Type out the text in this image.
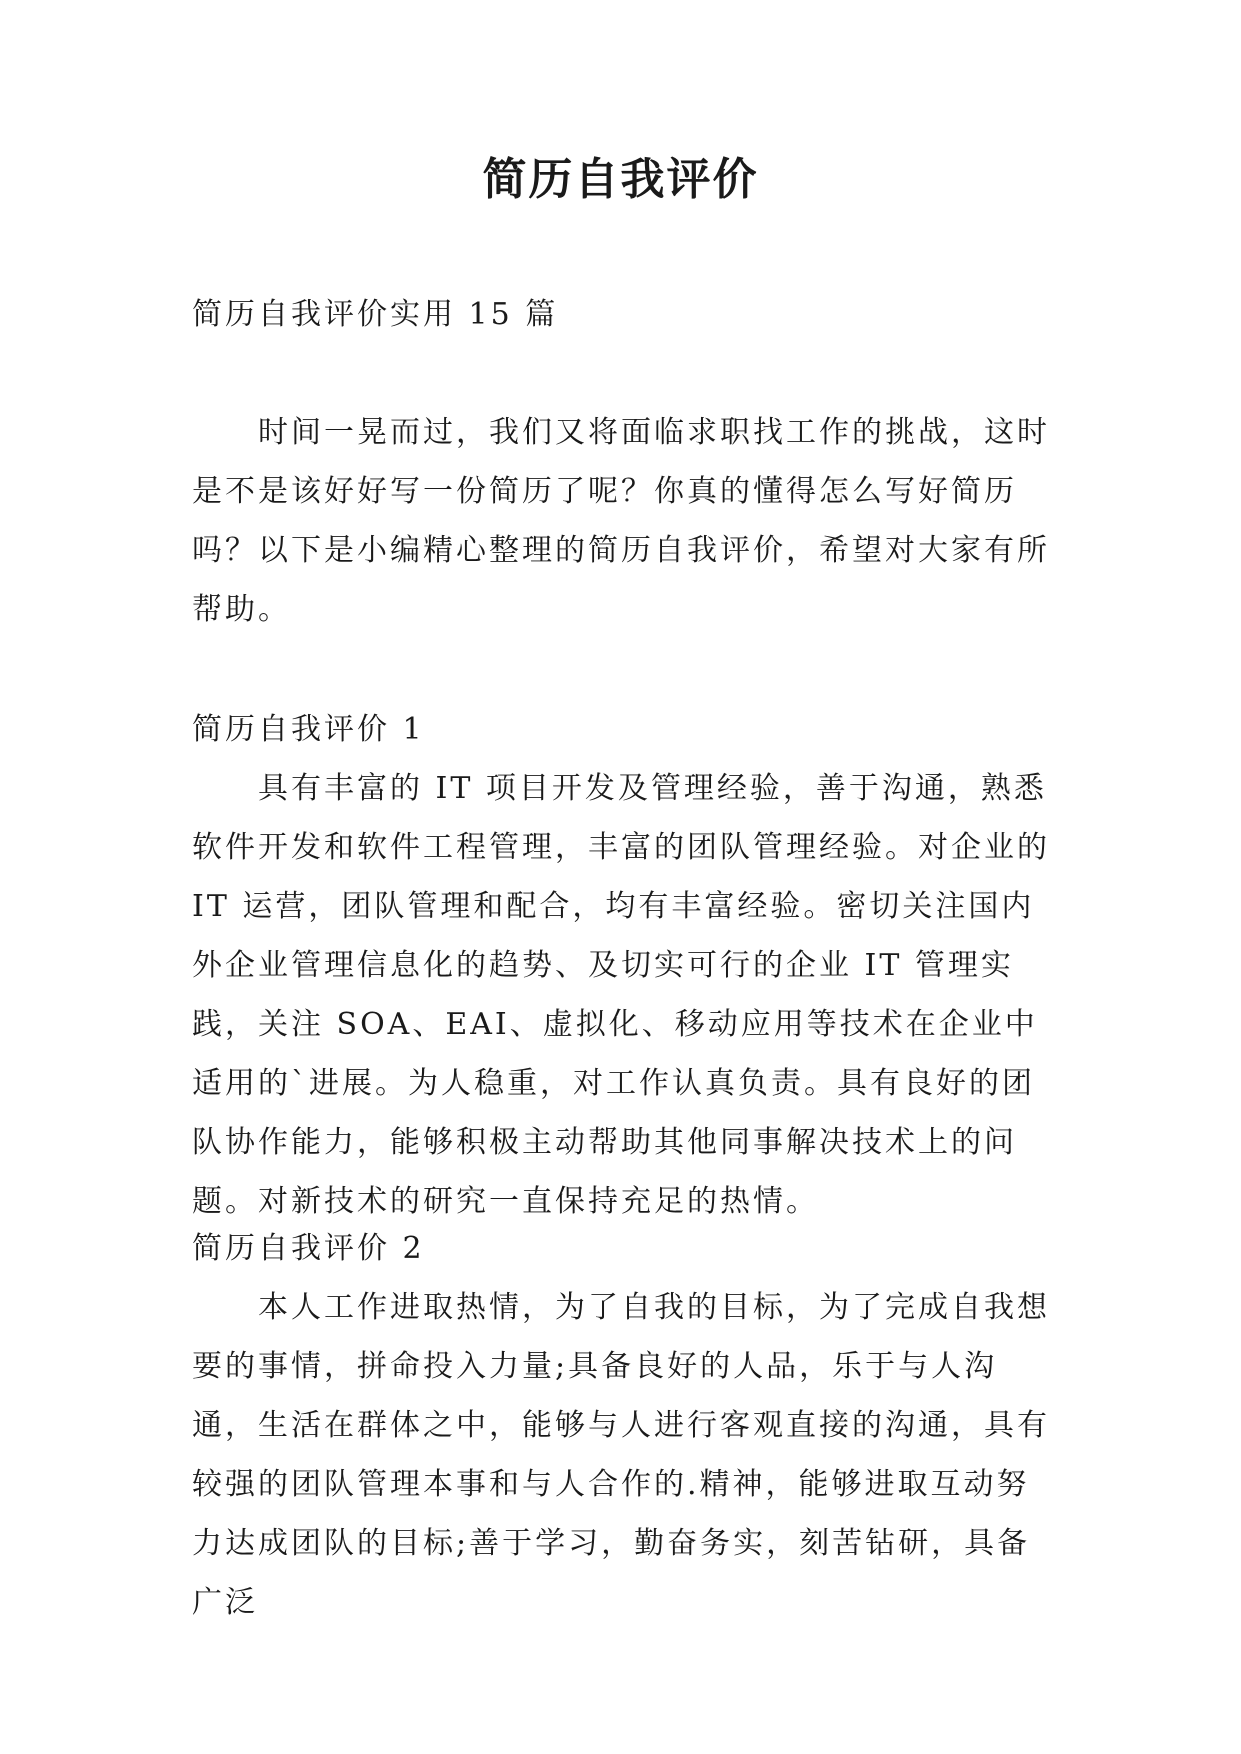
简历自我评价

简历自我评价实用 15 篇

时间一晃而过，我们又将面临求职找工作的挑战，这时是不是该好好写一份简历了呢？你真的懂得怎么写好简历吗？以下是小编精心整理的简历自我评价，希望对大家有所帮助。

简历自我评价 1

具有丰富的 IT 项目开发及管理经验，善于沟通，熟悉软件开发和软件工程管理，丰富的团队管理经验。对企业的 IT 运营，团队管理和配合，均有丰富经验。密切关注国内外企业管理信息化的趋势、及切实可行的企业 IT 管理实践，关注 SOA、EAI、虚拟化、移动应用等技术在企业中适用的`进展。为人稳重，对工作认真负责。具有良好的团队协作能力，能够积极主动帮助其他同事解决技术上的问题。对新技术的研究一直保持充足的热情。

简历自我评价 2

本人工作进取热情，为了自我的目标，为了完成自我想要的事情，拼命投入力量;具备良好的人品，乐于与人沟通，生活在群体之中，能够与人进行客观直接的沟通，具有较强的团队管理本事和与人合作的.精神，能够进取互动努力达成团队的目标;善于学习，勤奋务实，刻苦钻研，具备广泛
